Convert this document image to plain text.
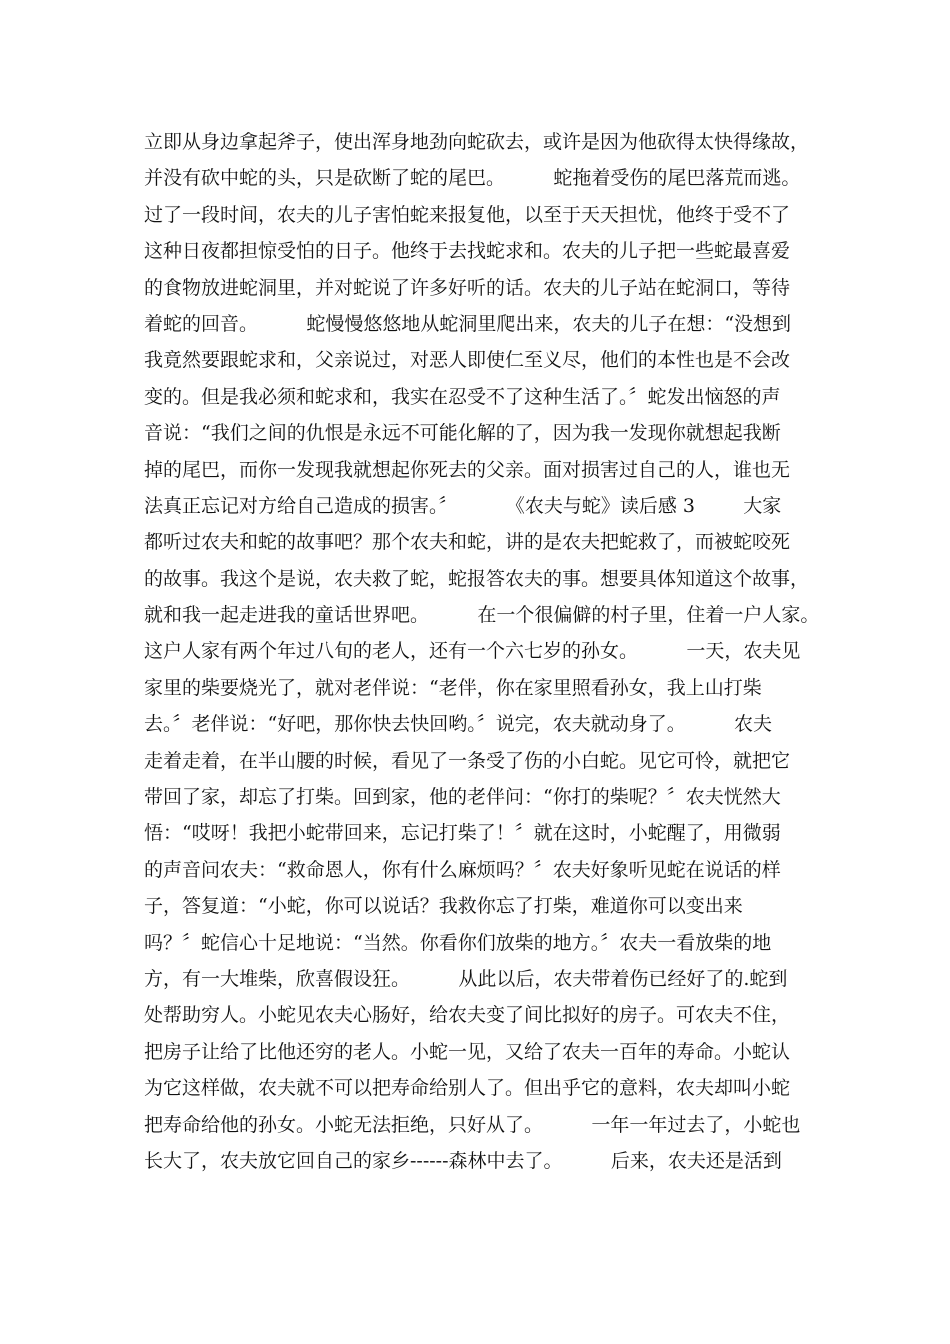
立即从身边拿起斧子，使出浑身地劲向蛇砍去，或许是因为他砍得太快得缘故，
并没有砍中蛇的头，只是砍断了蛇的尾巴。        蛇拖着受伤的尾巴落荒而逃。
过了一段时间，农夫的儿子害怕蛇来报复他，以至于天天担忧，他终于受不了
这种日夜都担惊受怕的日子。他终于去找蛇求和。农夫的儿子把一些蛇最喜爱
的食物放进蛇洞里，并对蛇说了许多好听的话。农夫的儿子站在蛇洞口，等待
着蛇的回音。        蛇慢慢悠悠地从蛇洞里爬出来，农夫的儿子在想：“没想到
我竟然要跟蛇求和，父亲说过，对恶人即使仁至义尽，他们的本性也是不会改
变的。但是我必须和蛇求和，我实在忍受不了这种生活了。〞蛇发出恼怒的声
音说：“我们之间的仇恨是永远不可能化解的了，因为我一发现你就想起我断
掉的尾巴，而你一发现我就想起你死去的父亲。面对损害过自己的人，谁也无
法真正忘记对方给自己造成的损害。〞        《农夫与蛇》读后感 3        大家
都听过农夫和蛇的故事吧？那个农夫和蛇，讲的是农夫把蛇救了，而被蛇咬死
的故事。我这个是说，农夫救了蛇，蛇报答农夫的事。想要具体知道这个故事，
就和我一起走进我的童话世界吧。        在一个很偏僻的村子里，住着一户人家。
这户人家有两个年过八旬的老人，还有一个六七岁的孙女。        一天，农夫见
家里的柴要烧光了，就对老伴说：“老伴，你在家里照看孙女，我上山打柴
去。〞老伴说：“好吧，那你快去快回哟。〞说完，农夫就动身了。        农夫
走着走着，在半山腰的时候，看见了一条受了伤的小白蛇。见它可怜，就把它
带回了家，却忘了打柴。回到家，他的老伴问：“你打的柴呢？〞农夫恍然大
悟：“哎呀！我把小蛇带回来，忘记打柴了！〞就在这时，小蛇醒了，用微弱
的声音问农夫：“救命恩人，你有什么麻烦吗？〞农夫好象听见蛇在说话的样
子，答复道：“小蛇，你可以说话？我救你忘了打柴，难道你可以变出来
吗？〞蛇信心十足地说：“当然。你看你们放柴的地方。〞农夫一看放柴的地
方，有一大堆柴，欣喜假设狂。        从此以后，农夫带着伤已经好了的.蛇到
处帮助穷人。小蛇见农夫心肠好，给农夫变了间比拟好的房子。可农夫不住，
把房子让给了比他还穷的老人。小蛇一见，又给了农夫一百年的寿命。小蛇认
为它这样做，农夫就不可以把寿命给别人了。但出乎它的意料，农夫却叫小蛇
把寿命给他的孙女。小蛇无法拒绝，只好从了。        一年一年过去了，小蛇也
长大了，农夫放它回自己的家乡------森林中去了。        后来，农夫还是活到
